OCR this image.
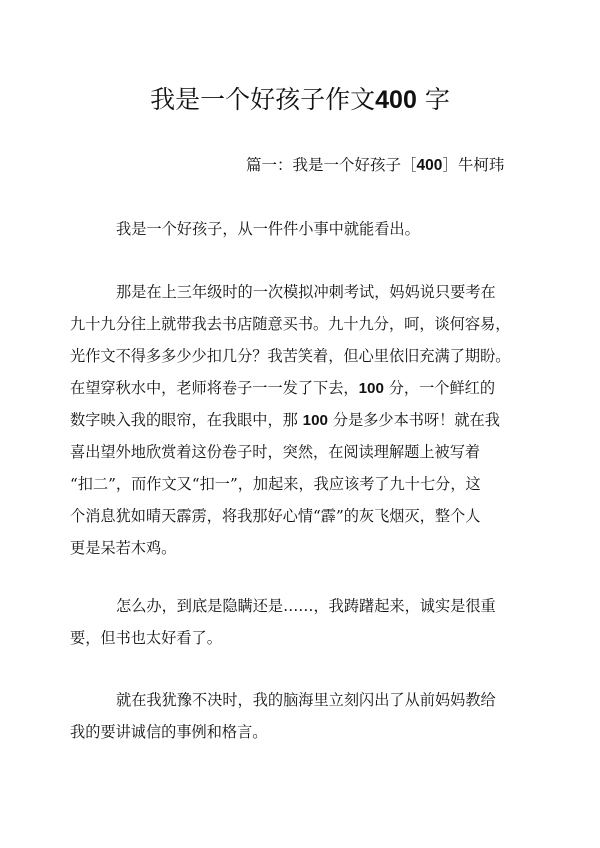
我是一个好孩子作文400 字
篇一：我是一个好孩子［400］牛柯玮

我是一个好孩子，从一件件小事中就能看出。

那是在上三年级时的一次模拟冲刺考试，妈妈说只要考在
九十九分往上就带我去书店随意买书。九十九分，呵，谈何容易，
光作文不得多多少少扣几分？我苦笑着，但心里依旧充满了期盼。
在望穿秋水中，老师将卷子一一发了下去，100 分，一个鲜红的
数字映入我的眼帘，在我眼中，那 100 分是多少本书呀！就在我
喜出望外地欣赏着这份卷子时，突然，在阅读理解题上被写着
“扣二”，而作文又“扣一”，加起来，我应该考了九十七分，这
个消息犹如晴天霹雳，将我那好心情“霹”的灰飞烟灭，整个人
更是呆若木鸡。

怎么办，到底是隐瞒还是……，我踌躇起来，诚实是很重
要，但书也太好看了。

就在我犹豫不决时，我的脑海里立刻闪出了从前妈妈教给
我的要讲诚信的事例和格言。
